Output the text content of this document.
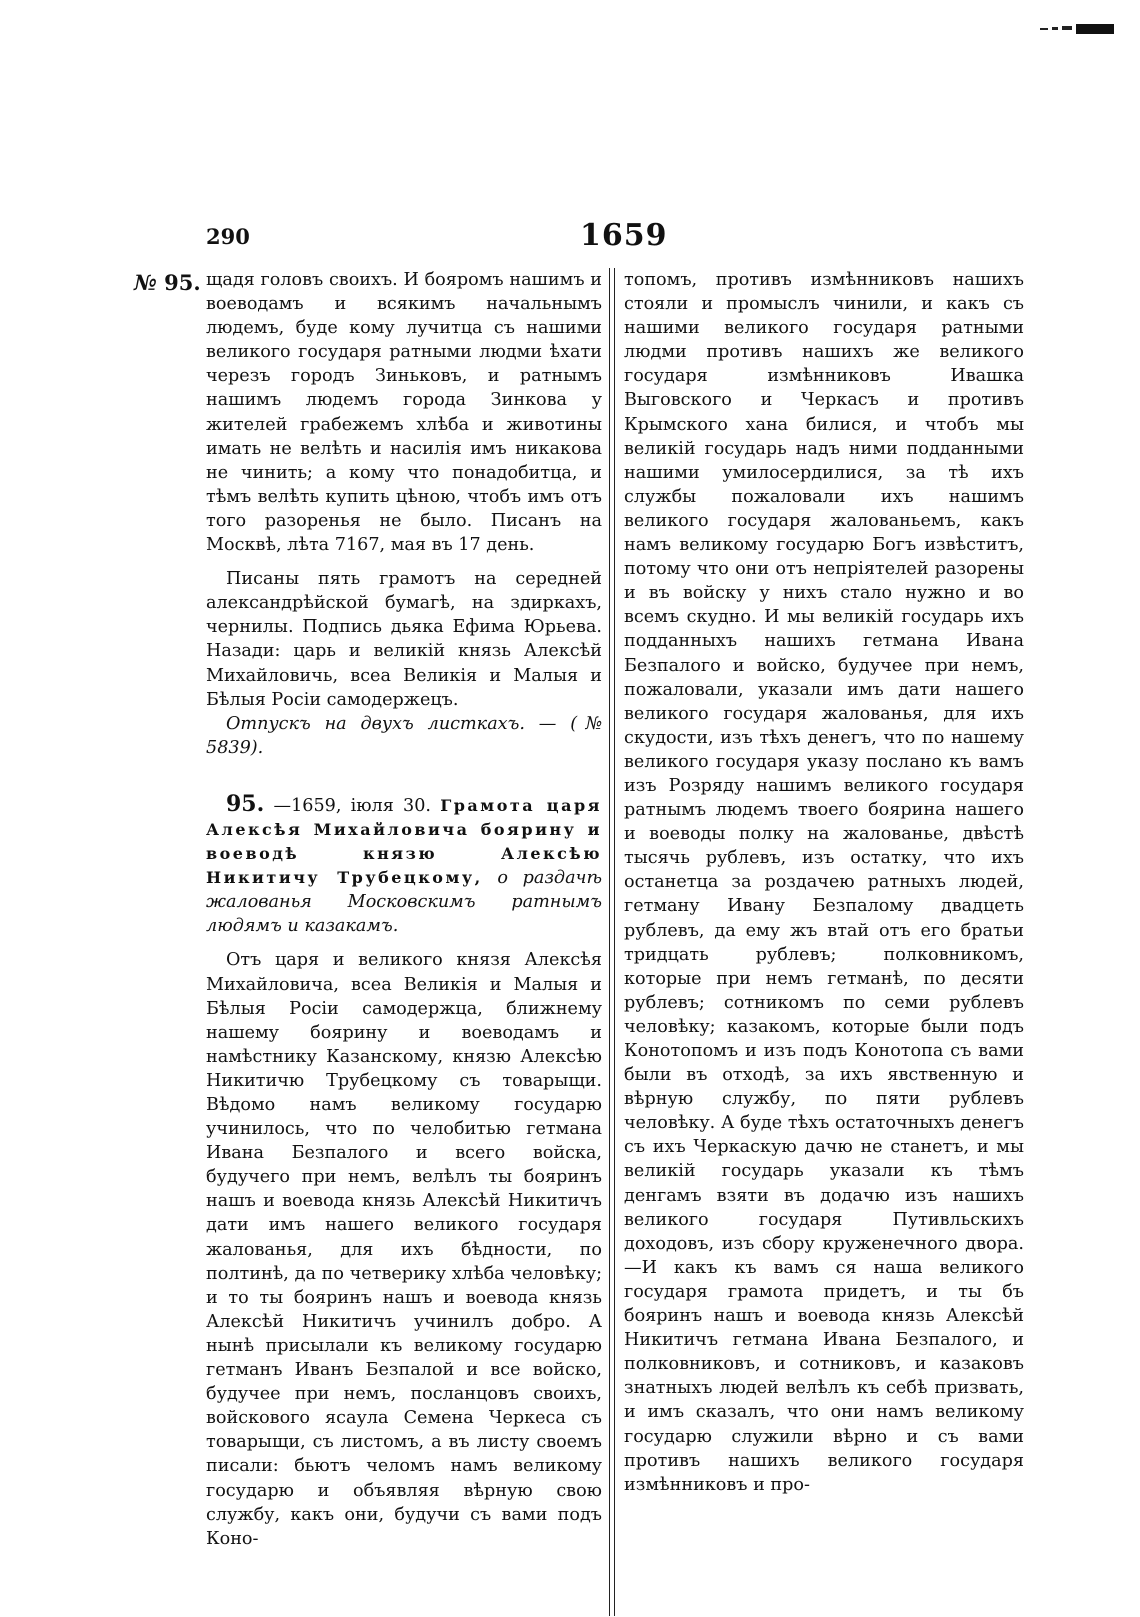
290	1659
№ 95. щадя головъ своихъ. И бояромъ нашимъ и воеводамъ и всякимъ начальнымъ людемъ, буде кому лучитца съ нашими великого государя ратными людми ѣхати черезъ городъ Зиньковъ, и ратнымъ нашимъ людемъ города Зинкова у жителей грабежемъ хлѣба и животины имать не велѣть и насилія имъ никакова не чинить; а кому что понадобитца, и тѣмъ велѣть купить цѣною, чтобъ имъ отъ того разоренья не было. Писанъ на Москвѣ, лѣта 7167, мая въ 17 день.

Писаны пять грамотъ на середней александрѣйской бумагѣ, на здиркахъ, чернилы. Подпись дьяка Ефима Юрьева. Назади: царь и великій князь Алексѣй Михайловичь, всеа Великія и Малыя и Бѣлыя Росіи самодержецъ.

Отпускъ на двухъ листкахъ. — (№ 5839).

95. —1659, іюля 30. Грамота царя Алексѣя Михайловича боярину и воеводѣ князю Алексѣю Никитичу Трубецкому, о раздачѣ жалованья Московскимъ ратнымъ людямъ и казакамъ.

Отъ царя и великого князя Алексѣя Михайловича, всеа Великія и Малыя и Бѣлыя Росіи самодержца, ближнему нашему боярину и воеводамъ и намѣстнику Казанскому, князю Алексѣю Никитичю Трубецкому съ товарыщи. Вѣдомо намъ великому государю учинилось, что по челобитью гетмана Ивана Безпалого и всего войска, будучего при немъ, велѣлъ ты бояринъ нашъ и воевода князь Алексѣй Никитичъ дати имъ нашего великого государя жалованья, для ихъ бѣдности, по полтинѣ, да по четверику хлѣба человѣку; и то ты бояринъ нашъ и воевода князь Алексѣй Никитичъ учинилъ добро. А нынѣ присылали къ великому государю гетманъ Иванъ Безпалой и все войско, будучее при немъ, посланцовъ своихъ, войскового ясаула Семена Черкеса съ товарыщи, съ листомъ, а въ листу своемъ писали: бьютъ челомъ намъ великому государю и объявляя вѣрную свою службу, какъ они, будучи съ вами подъ Коно-

топомъ, противъ измѣнниковъ нашихъ стояли и промыслъ чинили, и какъ съ нашими великого государя ратными людми противъ нашихъ же великого государя измѣнниковъ Ивашка Выговского и Черкасъ и противъ Крымского хана билися, и чтобъ мы великій государь надъ ними подданными нашими умилосердилися, за тѣ ихъ службы пожаловали ихъ нашимъ великого государя жалованьемъ, какъ намъ великому государю Богъ извѣститъ, потому что они отъ непріятелей разорены и въ войску у нихъ стало нужно и во всемъ скудно. И мы великій государь ихъ подданныхъ нашихъ гетмана Ивана Безпалого и войско, будучее при немъ, пожаловали, указали имъ дати нашего великого государя жалованья, для ихъ скудости, изъ тѣхъ денегъ, что по нашему великого государя указу послано къ вамъ изъ Розряду нашимъ великого государя ратнымъ людемъ твоего боярина нашего и воеводы полку на жалованье, двѣстѣ тысячь рублевъ, изъ остатку, что ихъ останетца за роздачею ратныхъ людей, гетману Ивану Безпалому двадцеть рублевъ, да ему жъ втай отъ его братьи тридцать рублевъ; полковникомъ, которые при немъ гетманѣ, по десяти рублевъ; сотникомъ по семи рублевъ человѣку; казакомъ, которые были подъ Конотопомъ и изъ подъ Конотопа съ вами были въ отходѣ, за ихъ явственную и вѣрную службу, по пяти рублевъ человѣку. А буде тѣхъ остаточныхъ денегъ съ ихъ Черкаскую дачю не станетъ, и мы великій государь указали къ тѣмъ денгамъ взяти въ додачю изъ нашихъ великого государя Путивльскихъ доходовъ, изъ сбору круженечного двора.—И какъ къ вамъ ся наша великого государя грамота придетъ, и ты бъ бояринъ нашъ и воевода князь Алексѣй Никитичъ гетмана Ивана Безпалого, и полковниковъ, и сотниковъ, и казаковъ знатныхъ людей велѣлъ къ себѣ призвать, и имъ сказалъ, что они намъ великому государю служили вѣрно и съ вами противъ нашихъ великого государя измѣнниковъ и про-
